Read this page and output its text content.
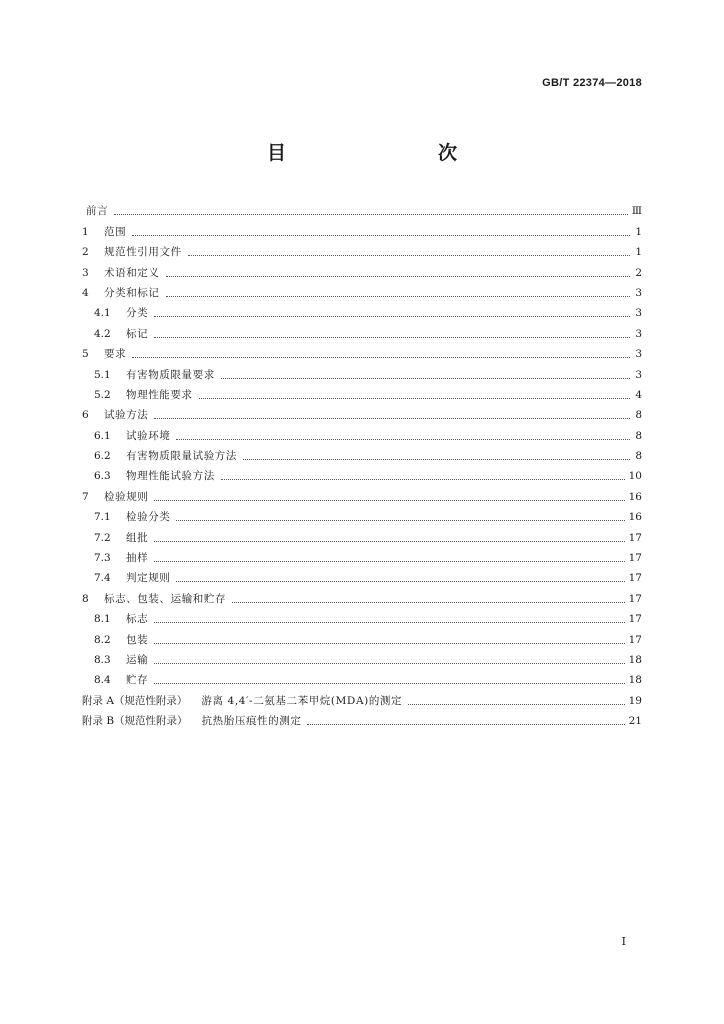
GB/T 22374—2018
目　　次
前言	Ⅲ
1	范围	1
2	规范性引用文件	1
3	术语和定义	2
4	分类和标记	3
4.1	分类	3
4.2	标记	3
5	要求	3
5.1	有害物质限量要求	3
5.2	物理性能要求	4
6	试验方法	8
6.1	试验环境	8
6.2	有害物质限量试验方法	8
6.3	物理性能试验方法	10
7	检验规则	16
7.1	检验分类	16
7.2	组批	17
7.3	抽样	17
7.4	判定规则	17
8	标志、包装、运输和贮存	17
8.1	标志	17
8.2	包装	17
8.3	运输	18
8.4	贮存	18
附录 A（规范性附录）	游离 4,4′-二氨基二苯甲烷(MDA)的测定	19
附录 B（规范性附录）	抗热胎压痕性的测定	21
I
